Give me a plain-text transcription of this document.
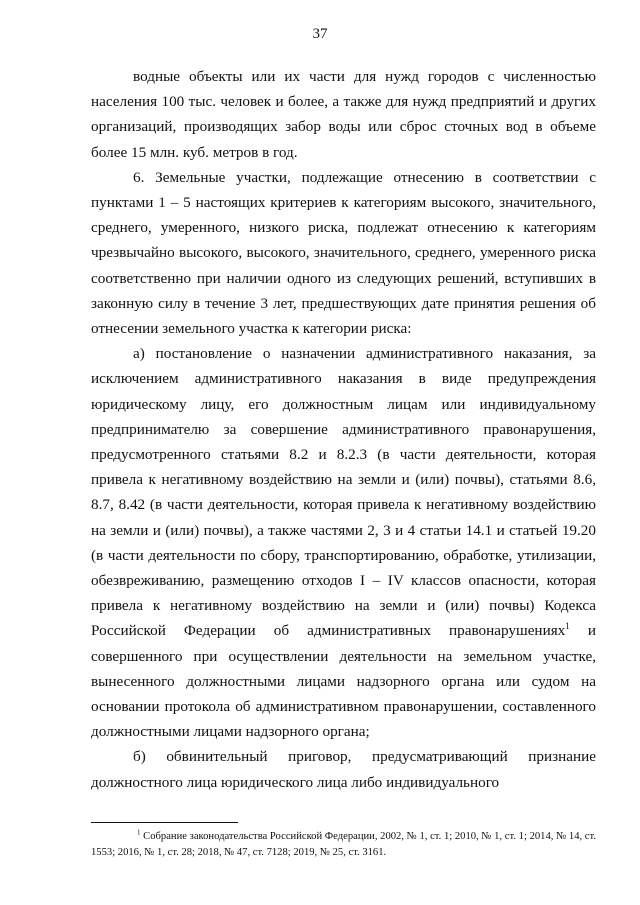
37

водные объекты или их части для нужд городов с численностью населения 100 тыс. человек и более, а также для нужд предприятий и других организаций, производящих забор воды или сброс сточных вод в объеме более 15 млн. куб. метров в год.

6. Земельные участки, подлежащие отнесению в соответствии с пунктами 1 – 5 настоящих критериев к категориям высокого, значительного, среднего, умеренного, низкого риска, подлежат отнесению к категориям чрезвычайно высокого, высокого, значительного, среднего, умеренного риска соответственно при наличии одного из следующих решений, вступивших в законную силу в течение 3 лет, предшествующих дате принятия решения об отнесении земельного участка к категории риска:

а) постановление о назначении административного наказания, за исключением административного наказания в виде предупреждения юридическому лицу, его должностным лицам или индивидуальному предпринимателю за совершение административного правонарушения, предусмотренного статьями 8.2 и 8.2.3 (в части деятельности, которая привела к негативному воздействию на земли и (или) почвы), статьями 8.6, 8.7, 8.42 (в части деятельности, которая привела к негативному воздействию на земли и (или) почвы), а также частями 2, 3 и 4 статьи 14.1 и статьей 19.20 (в части деятельности по сбору, транспортированию, обработке, утилизации, обезвреживанию, размещению отходов I – IV классов опасности, которая привела к негативному воздействию на земли и (или) почвы) Кодекса Российской Федерации об административных правонарушениях$^1$ и совершенного при осуществлении деятельности на земельном участке, вынесенного должностными лицами надзорного органа или судом на основании протокола об административном правонарушении, составленного должностными лицами надзорного органа;

б) обвинительный приговор, предусматривающий признание должностного лица юридического лица либо индивидуального

$^1$ Собрание законодательства Российской Федерации, 2002, № 1, ст. 1; 2010, № 1, ст. 1; 2014, № 14, ст. 1553; 2016, № 1, ст. 28; 2018, № 47, ст. 7128; 2019, № 25, ст. 3161.
